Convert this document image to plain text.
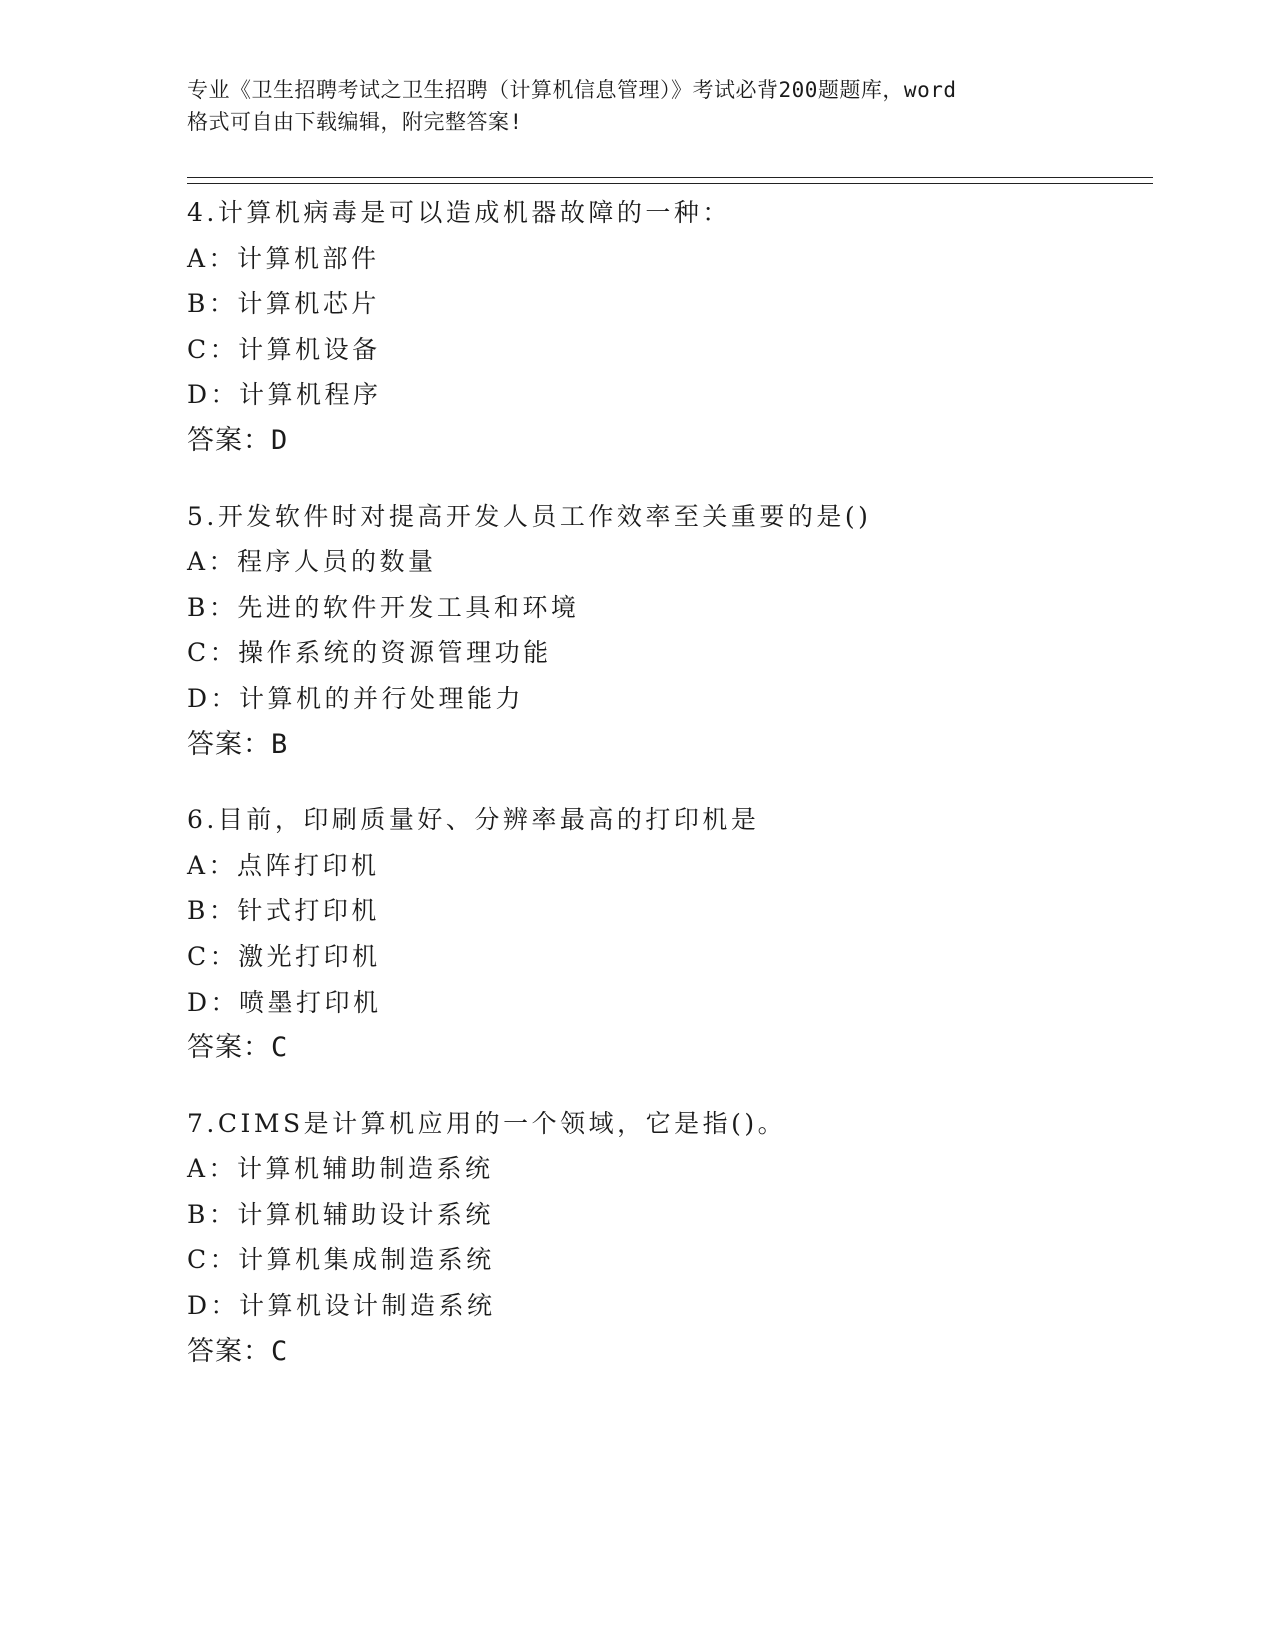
专业《卫生招聘考试之卫生招聘（计算机信息管理）》考试必背200题题库，word
格式可自由下载编辑，附完整答案!
4.计算机病毒是可以造成机器故障的一种：
A：计算机部件
B：计算机芯片
C：计算机设备
D：计算机程序
答案：D
5.开发软件时对提高开发人员工作效率至关重要的是()
A：程序人员的数量
B：先进的软件开发工具和环境
C：操作系统的资源管理功能
D：计算机的并行处理能力
答案：B
6.目前，印刷质量好、分辨率最高的打印机是
A：点阵打印机
B：针式打印机
C：激光打印机
D：喷墨打印机
答案：C
7.CIMS是计算机应用的一个领域，它是指()。
A：计算机辅助制造系统
B：计算机辅助设计系统
C：计算机集成制造系统
D：计算机设计制造系统
答案：C
